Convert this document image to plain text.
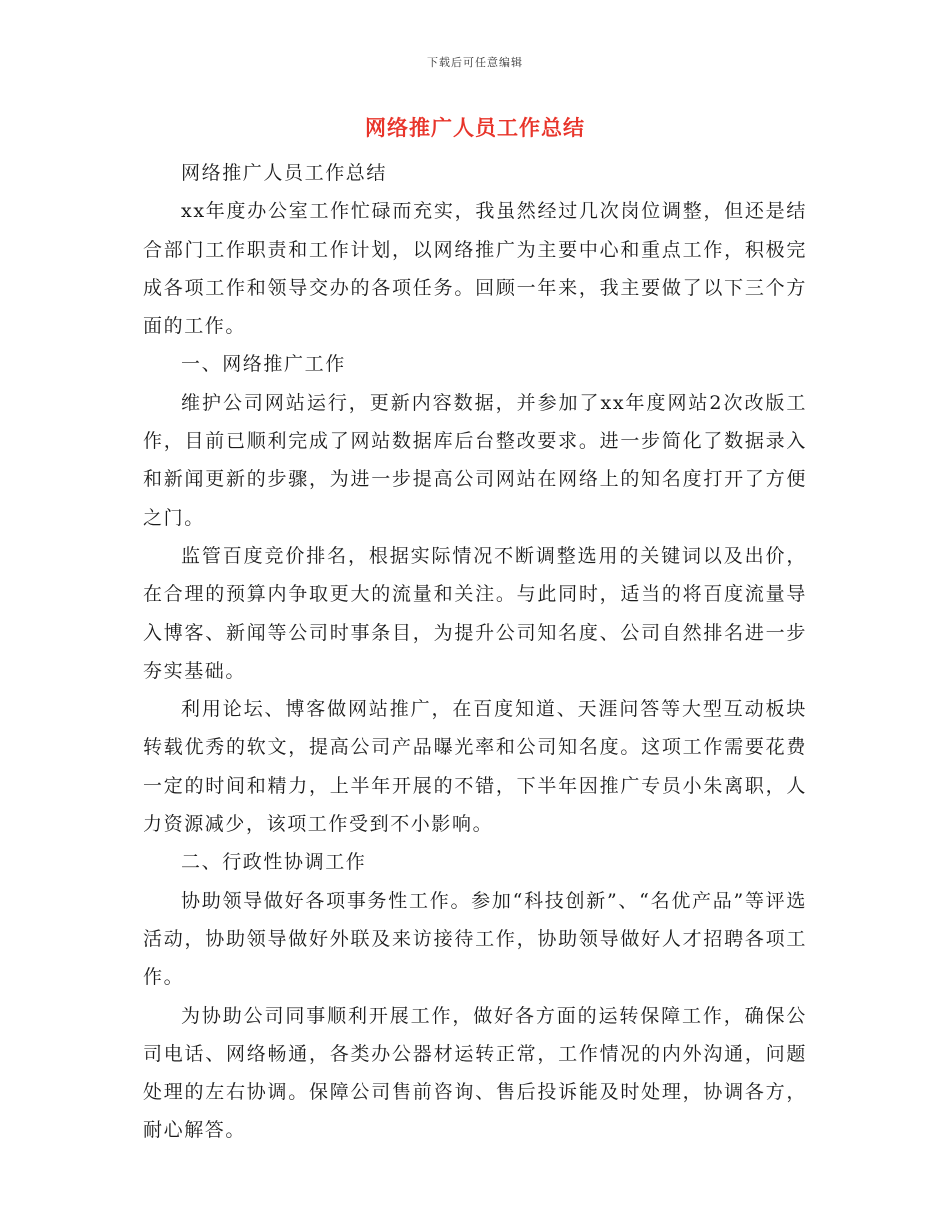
下载后可任意编辑
网络推广人员工作总结

网络推广人员工作总结

xx年度办公室工作忙碌而充实，我虽然经过几次岗位调整，但还是结合部门工作职责和工作计划，以网络推广为主要中心和重点工作，积极完成各项工作和领导交办的各项任务。回顾一年来，我主要做了以下三个方面的工作。

一、网络推广工作

维护公司网站运行，更新内容数据，并参加了xx年度网站2次改版工作，目前已顺利完成了网站数据库后台整改要求。进一步简化了数据录入和新闻更新的步骤，为进一步提高公司网站在网络上的知名度打开了方便之门。

监管百度竞价排名，根据实际情况不断调整选用的关键词以及出价，在合理的预算内争取更大的流量和关注。与此同时，适当的将百度流量导入博客、新闻等公司时事条目，为提升公司知名度、公司自然排名进一步夯实基础。

利用论坛、博客做网站推广，在百度知道、天涯问答等大型互动板块转载优秀的软文，提高公司产品曝光率和公司知名度。这项工作需要花费一定的时间和精力，上半年开展的不错，下半年因推广专员小朱离职，人力资源减少，该项工作受到不小影响。

二、行政性协调工作

协助领导做好各项事务性工作。参加“科技创新”、“名优产品”等评选活动，协助领导做好外联及来访接待工作，协助领导做好人才招聘各项工作。

为协助公司同事顺利开展工作，做好各方面的运转保障工作，确保公司电话、网络畅通，各类办公器材运转正常，工作情况的内外沟通，问题处理的左右协调。保障公司售前咨询、售后投诉能及时处理，协调各方，耐心解答。
